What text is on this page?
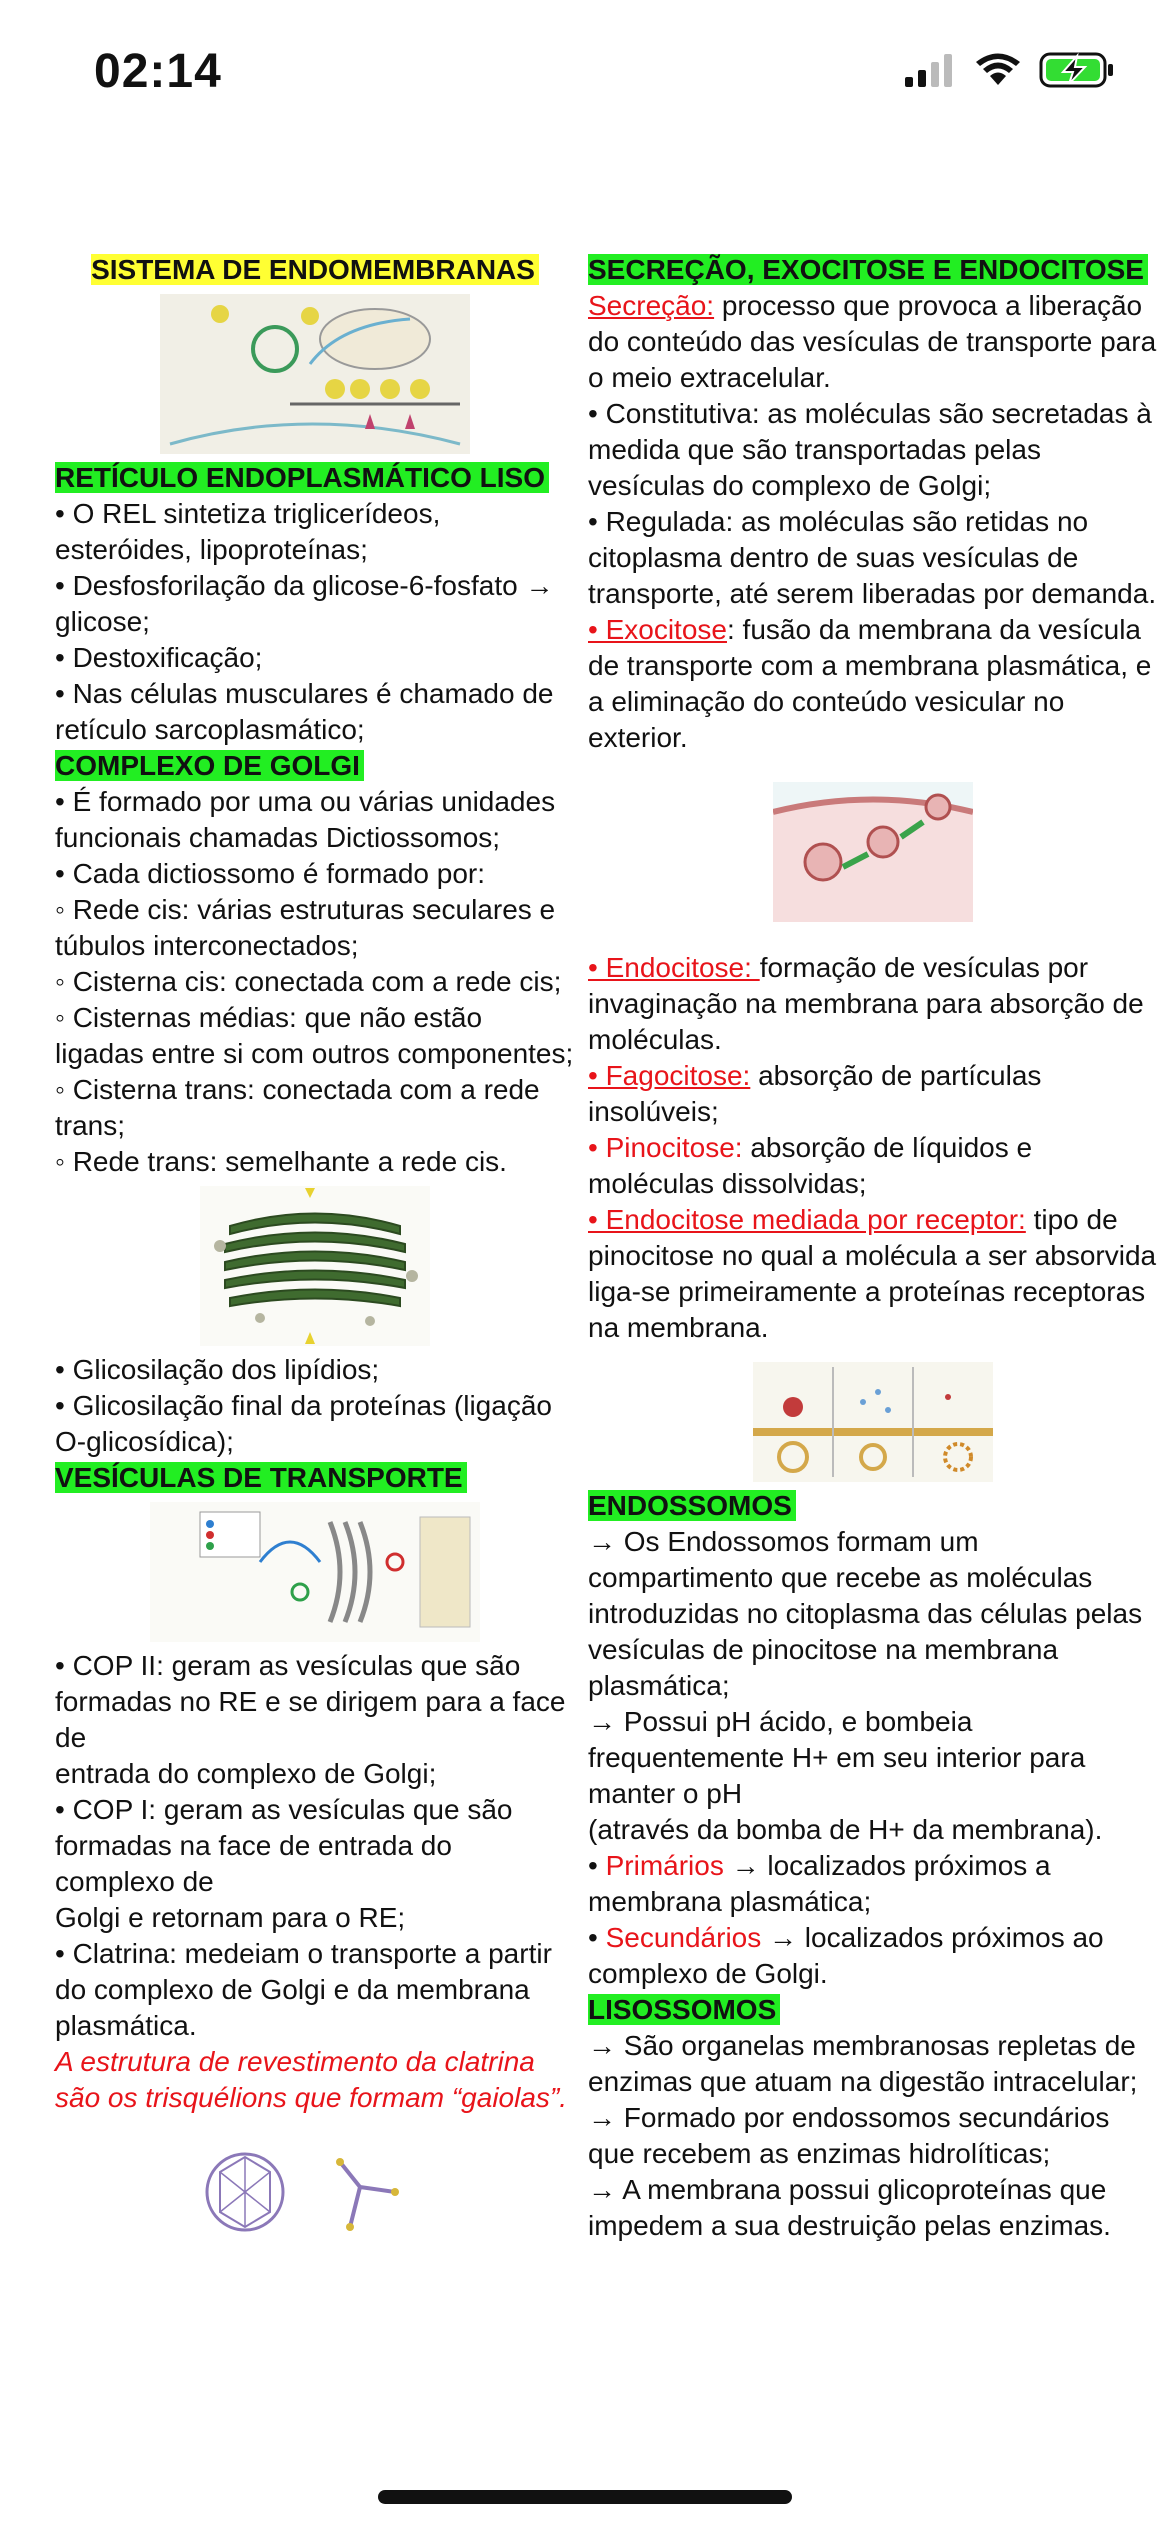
02:14

SISTEMA DE ENDOMEMBRANAS

RETÍCULO ENDOPLASMÁTICO LISO

• O REL sintetiza triglicerídeos, esteróides, lipoproteínas;

• Desfosforilação da glicose-6-fosfato → glicose;

• Destoxificação;

• Nas células musculares é chamado de retículo sarcoplasmático;

COMPLEXO DE GOLGI

• É formado por uma ou várias unidades funcionais chamadas Dictiossomos;

• Cada dictiossomo é formado por:

◦ Rede cis: várias estruturas seculares e túbulos interconectados;

◦ Cisterna cis: conectada com a rede cis;

◦ Cisternas médias: que não estão ligadas entre si com outros componentes;

◦ Cisterna trans: conectada com a rede trans;

◦ Rede trans: semelhante a rede cis.

• Glicosilação dos lipídios;

• Glicosilação final da proteínas (ligação O-glicosídica);

VESÍCULAS DE TRANSPORTE

• COP II: geram as vesículas que são formadas no RE e se dirigem para a face de

entrada do complexo de Golgi;

• COP I: geram as vesículas que são formadas na face de entrada do complexo de

Golgi e retornam para o RE;

• Clatrina: medeiam o transporte a partir do complexo de Golgi e da membrana plasmática.

A estrutura de revestimento da clatrina são os trisquélions que formam “gaiolas”.

SECREÇÃO, EXOCITOSE E ENDOCITOSE

Secreção: processo que provoca a liberação do conteúdo das vesículas de transporte para o meio extracelular.

• Constitutiva: as moléculas são secretadas à medida que são transportadas pelas vesículas do complexo de Golgi;

• Regulada: as moléculas são retidas no citoplasma dentro de suas vesículas de transporte, até serem liberadas por demanda.

• Exocitose: fusão da membrana da vesícula de transporte com a membrana plasmática, e a eliminação do conteúdo vesicular no exterior.

• Endocitose: formação de vesículas por invaginação na membrana para absorção de moléculas.

• Fagocitose: absorção de partículas insolúveis;

• Pinocitose: absorção de líquidos e moléculas dissolvidas;

• Endocitose mediada por receptor: tipo de pinocitose no qual a molécula a ser absorvida liga-se primeiramente a proteínas receptoras na membrana.

ENDOSSOMOS

→ Os Endossomos formam um compartimento que recebe as moléculas introduzidas no citoplasma das células pelas vesículas de pinocitose na membrana plasmática;

→ Possui pH ácido, e bombeia frequentemente H+ em seu interior para manter o pH

(através da bomba de H+ da membrana).

• Primários → localizados próximos a membrana plasmática;

• Secundários → localizados próximos ao complexo de Golgi.

LISOSSOMOS

→ São organelas membranosas repletas de enzimas que atuam na digestão intracelular;

→ Formado por endossomos secundários que recebem as enzimas hidrolíticas;

→ A membrana possui glicoproteínas que impedem a sua destruição pelas enzimas.
